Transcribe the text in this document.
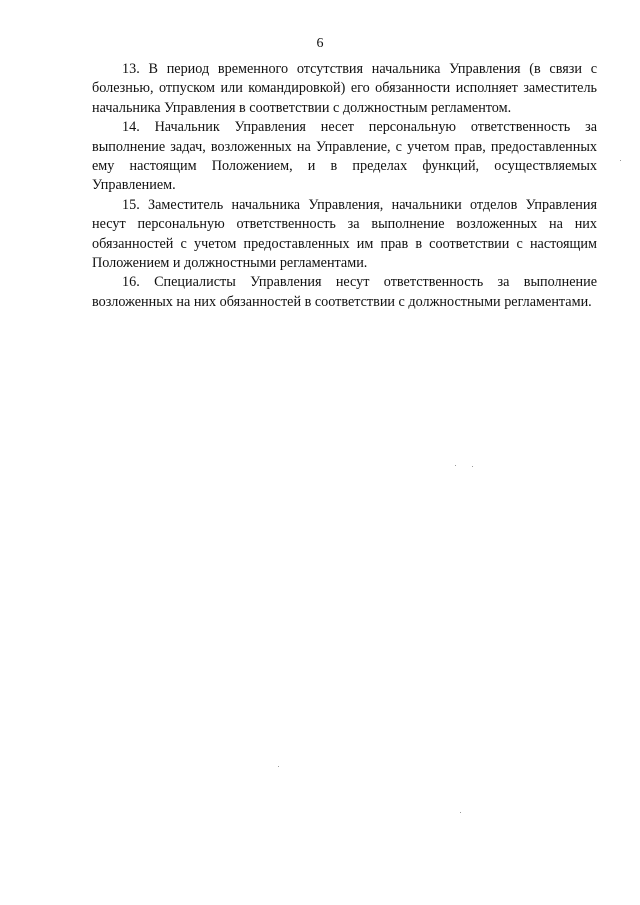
6

13. В период временного отсутствия начальника Управления (в связи с болезнью, отпуском или командировкой) его обязанности исполняет заместитель начальника Управления в соответствии с должностным регламентом.

14. Начальник Управления несет персональную ответственность за выполнение задач, возложенных на Управление, с учетом прав, предоставленных ему настоящим Положением, и в пределах функций, осуществляемых Управлением.

15. Заместитель начальника Управления, начальники отделов Управления несут персональную ответственность за выполнение возложенных на них обязанностей с учетом предоставленных им прав в соответствии с настоящим Положением и должностными регламентами.

16. Специалисты Управления несут ответственность за выполнение возложенных на них обязанностей в соответствии с должностными регламентами.
